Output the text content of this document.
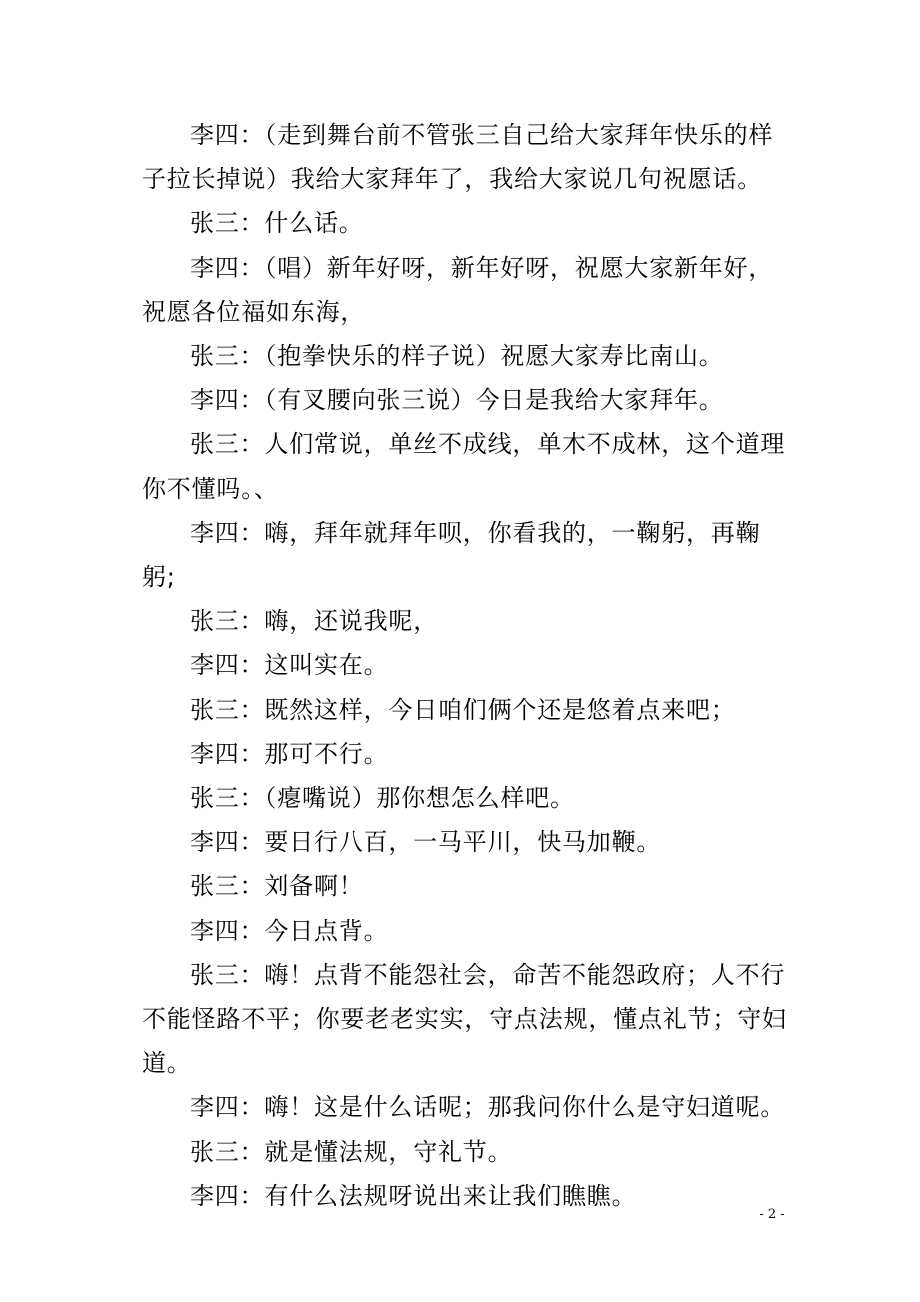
李四：（走到舞台前不管张三自己给大家拜年快乐的样子拉长掉说）我给大家拜年了，我给大家说几句祝愿话。

张三：什么话。

李四：（唱）新年好呀，新年好呀，祝愿大家新年好，祝愿各位福如东海，

张三：（抱拳快乐的样子说）祝愿大家寿比南山。

李四：（有叉腰向张三说）今日是我给大家拜年。

张三：人们常说，单丝不成线，单木不成林，这个道理你不懂吗。、

李四：嗨，拜年就拜年呗，你看我的，一鞠躬，再鞠躬;

张三：嗨，还说我呢，

李四：这叫实在。

张三：既然这样，今日咱们俩个还是悠着点来吧；

李四：那可不行。

张三：（瘪嘴说）那你想怎么样吧。

李四：要日行八百，一马平川，快马加鞭。

张三：刘备啊！

李四：今日点背。

张三：嗨！点背不能怨社会，命苦不能怨政府；人不行不能怪路不平；你要老老实实，守点法规，懂点礼节；守妇道。

李四：嗨！这是什么话呢；那我问你什么是守妇道呢。

张三：就是懂法规，守礼节。

李四：有什么法规呀说出来让我们瞧瞧。

- 2 -
